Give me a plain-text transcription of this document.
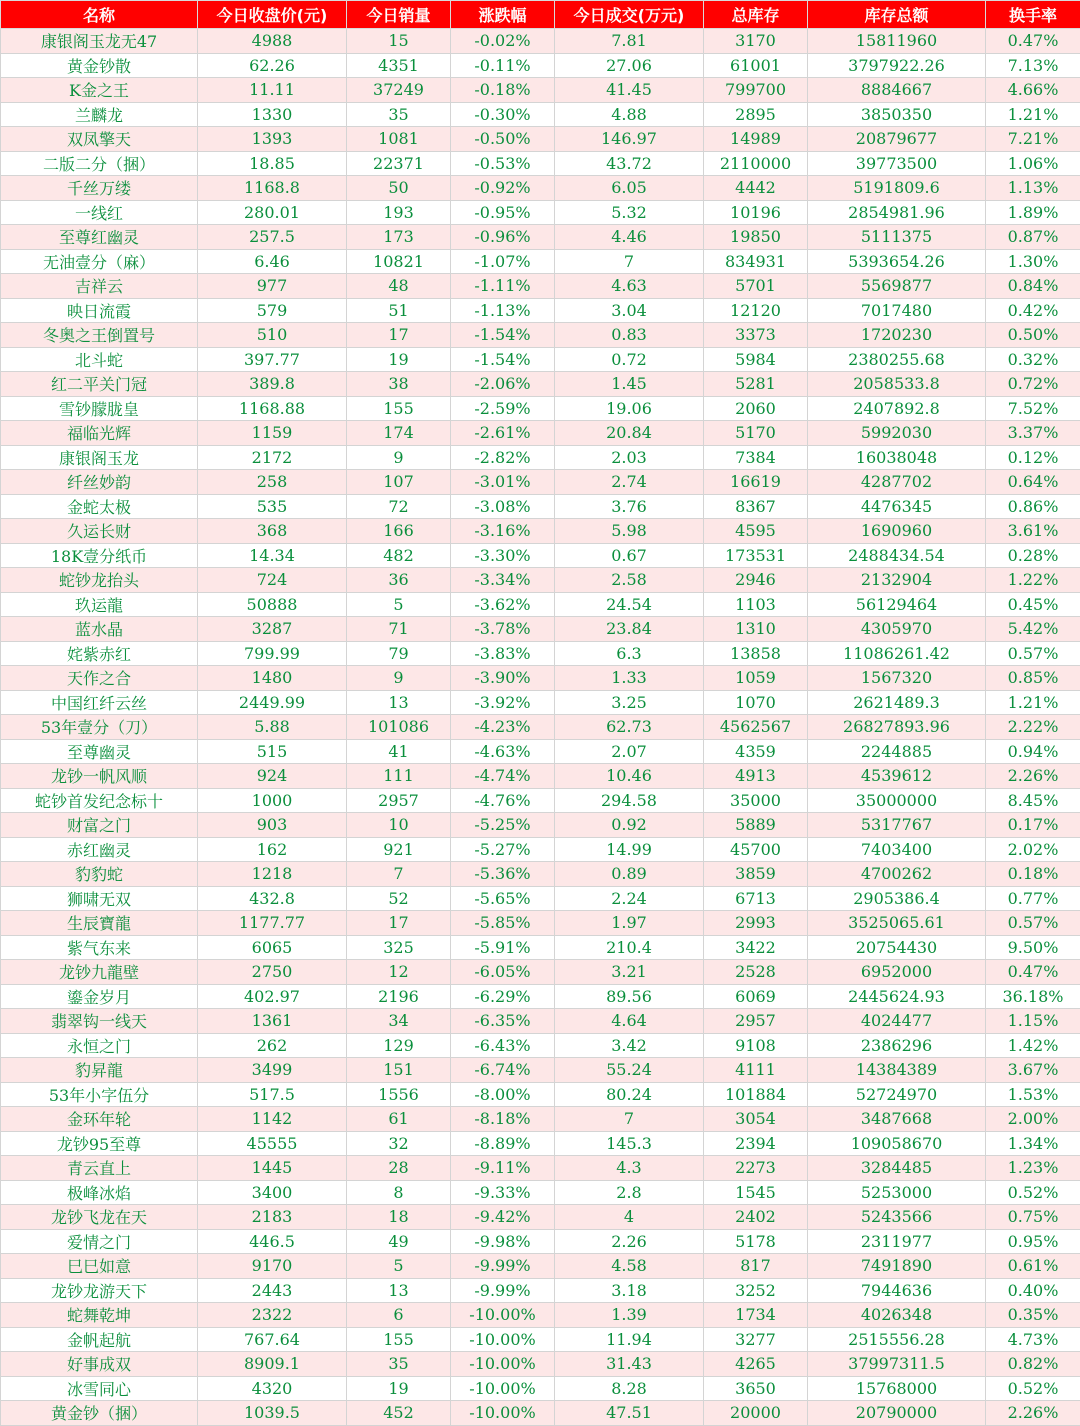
名称	今日收盘价(元)	今日销量	涨跌幅	今日成交(万元)	总库存	库存总额	换手率
康银阁玉龙无47	4988	15	-0.02%	7.81	3170	15811960	0.47%
黄金钞散	62.26	4351	-0.11%	27.06	61001	3797922.26	7.13%
K金之王	11.11	37249	-0.18%	41.45	799700	8884667	4.66%
兰麟龙	1330	35	-0.30%	4.88	2895	3850350	1.21%
双凤擎天	1393	1081	-0.50%	146.97	14989	20879677	7.21%
二版二分（捆）	18.85	22371	-0.53%	43.72	2110000	39773500	1.06%
千丝万缕	1168.8	50	-0.92%	6.05	4442	5191809.6	1.13%
一线红	280.01	193	-0.95%	5.32	10196	2854981.96	1.89%
至尊红幽灵	257.5	173	-0.96%	4.46	19850	5111375	0.87%
无油壹分（麻）	6.46	10821	-1.07%	7	834931	5393654.26	1.30%
吉祥云	977	48	-1.11%	4.63	5701	5569877	0.84%
映日流霞	579	51	-1.13%	3.04	12120	7017480	0.42%
冬奥之王倒置号	510	17	-1.54%	0.83	3373	1720230	0.50%
北斗蛇	397.77	19	-1.54%	0.72	5984	2380255.68	0.32%
红二平关门冠	389.8	38	-2.06%	1.45	5281	2058533.8	0.72%
雪钞朦胧皇	1168.88	155	-2.59%	19.06	2060	2407892.8	7.52%
福临光辉	1159	174	-2.61%	20.84	5170	5992030	3.37%
康银阁玉龙	2172	9	-2.82%	2.03	7384	16038048	0.12%
纤丝妙韵	258	107	-3.01%	2.74	16619	4287702	0.64%
金蛇太极	535	72	-3.08%	3.76	8367	4476345	0.86%
久运长财	368	166	-3.16%	5.98	4595	1690960	3.61%
18K壹分纸币	14.34	482	-3.30%	0.67	173531	2488434.54	0.28%
蛇钞龙抬头	724	36	-3.34%	2.58	2946	2132904	1.22%
玖运龍	50888	5	-3.62%	24.54	1103	56129464	0.45%
蓝水晶	3287	71	-3.78%	23.84	1310	4305970	5.42%
姹紫赤红	799.99	79	-3.83%	6.3	13858	11086261.42	0.57%
天作之合	1480	9	-3.90%	1.33	1059	1567320	0.85%
中国红纤云丝	2449.99	13	-3.92%	3.25	1070	2621489.3	1.21%
53年壹分（刀）	5.88	101086	-4.23%	62.73	4562567	26827893.96	2.22%
至尊幽灵	515	41	-4.63%	2.07	4359	2244885	0.94%
龙钞一帆风顺	924	111	-4.74%	10.46	4913	4539612	2.26%
蛇钞首发纪念标十	1000	2957	-4.76%	294.58	35000	35000000	8.45%
财富之门	903	10	-5.25%	0.92	5889	5317767	0.17%
赤红幽灵	162	921	-5.27%	14.99	45700	7403400	2.02%
豹豹蛇	1218	7	-5.36%	0.89	3859	4700262	0.18%
狮啸无双	432.8	52	-5.65%	2.24	6713	2905386.4	0.77%
生辰寶龍	1177.77	17	-5.85%	1.97	2993	3525065.61	0.57%
紫气东来	6065	325	-5.91%	210.4	3422	20754430	9.50%
龙钞九龍壁	2750	12	-6.05%	3.21	2528	6952000	0.47%
鎏金岁月	402.97	2196	-6.29%	89.56	6069	2445624.93	36.18%
翡翠钩一线天	1361	34	-6.35%	4.64	2957	4024477	1.15%
永恒之门	262	129	-6.43%	3.42	9108	2386296	1.42%
豹昇龍	3499	151	-6.74%	55.24	4111	14384389	3.67%
53年小字伍分	517.5	1556	-8.00%	80.24	101884	52724970	1.53%
金环年轮	1142	61	-8.18%	7	3054	3487668	2.00%
龙钞95至尊	45555	32	-8.89%	145.3	2394	109058670	1.34%
青云直上	1445	28	-9.11%	4.3	2273	3284485	1.23%
极峰冰焰	3400	8	-9.33%	2.8	1545	5253000	0.52%
龙钞飞龙在天	2183	18	-9.42%	4	2402	5243566	0.75%
爱情之门	446.5	49	-9.98%	2.26	5178	2311977	0.95%
巳巳如意	9170	5	-9.99%	4.58	817	7491890	0.61%
龙钞龙游天下	2443	13	-9.99%	3.18	3252	7944636	0.40%
蛇舞乾坤	2322	6	-10.00%	1.39	1734	4026348	0.35%
金帆起航	767.64	155	-10.00%	11.94	3277	2515556.28	4.73%
好事成双	8909.1	35	-10.00%	31.43	4265	37997311.5	0.82%
冰雪同心	4320	19	-10.00%	8.28	3650	15768000	0.52%
黄金钞（捆）	1039.5	452	-10.00%	47.51	20000	20790000	2.26%
